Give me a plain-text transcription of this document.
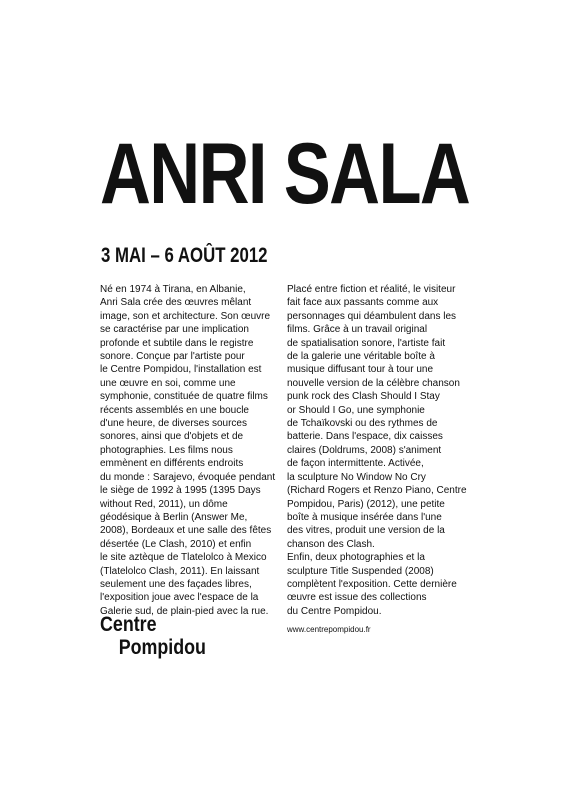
ANRI SALA
3 MAI – 6 AOÛT 2012
Né en 1974 à Tirana, en Albanie,
Anri Sala crée des œuvres mêlant
image, son et architecture. Son œuvre
se caractérise par une implication
profonde et subtile dans le registre
sonore. Conçue par l'artiste pour
le Centre Pompidou, l'installation est
une œuvre en soi, comme une
symphonie, constituée de quatre films
récents assemblés en une boucle
d'une heure, de diverses sources
sonores, ainsi que d'objets et de
photographies. Les films nous
emmènent en différents endroits
du monde : Sarajevo, évoquée pendant
le siège de 1992 à 1995 (1395 Days
without Red, 2011), un dôme
géodésique à Berlin (Answer Me,
2008), Bordeaux et une salle des fêtes
désertée (Le Clash, 2010) et enfin
le site aztèque de Tlatelolco à Mexico
(Tlatelolco Clash, 2011). En laissant
seulement une des façades libres,
l'exposition joue avec l'espace de la
Galerie sud, de plain-pied avec la rue.
Placé entre fiction et réalité, le visiteur
fait face aux passants comme aux
personnages qui déambulent dans les
films. Grâce à un travail original
de spatialisation sonore, l'artiste fait
de la galerie une véritable boîte à
musique diffusant tour à tour une
nouvelle version de la célèbre chanson
punk rock des Clash Should I Stay
or Should I Go, une symphonie
de Tchaïkovski ou des rythmes de
batterie. Dans l'espace, dix caisses
claires (Doldrums, 2008) s'animent
de façon intermittente. Activée,
la sculpture No Window No Cry
(Richard Rogers et Renzo Piano, Centre
Pompidou, Paris) (2012), une petite
boîte à musique insérée dans l'une
des vitres, produit une version de la
chanson des Clash.
Enfin, deux photographies et la
sculpture Title Suspended (2008)
complètent l'exposition. Cette dernière
œuvre est issue des collections
du Centre Pompidou.
Centre
Pompidou
www.centrepompidou.fr
